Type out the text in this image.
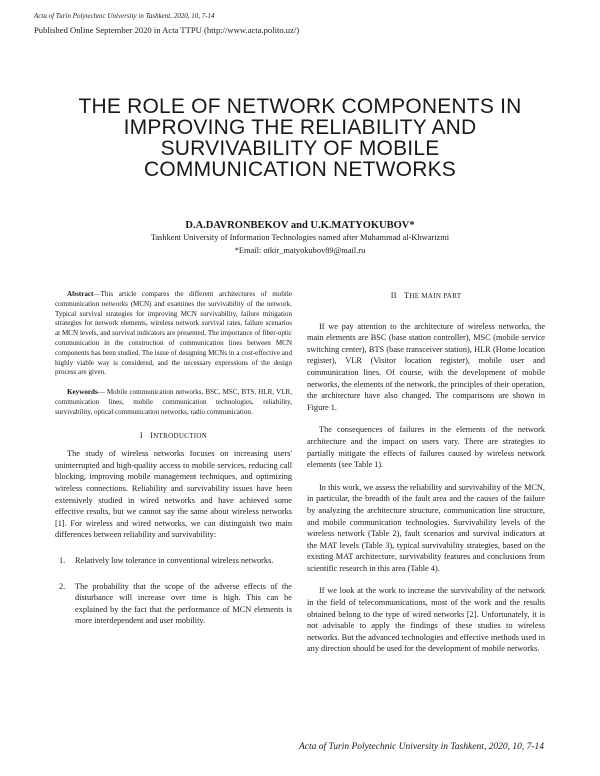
Acta of Turin Polytechnic University in Tashkent, 2020, 10, 7-14
Published Online September 2020 in Acta TTPU (http://www.acta.polito.uz/)
THE ROLE OF NETWORK COMPONENTS IN
IMPROVING THE RELIABILITY AND
SURVIVABILITY OF MOBILE
COMMUNICATION NETWORKS
D.A.DAVRONBEKOV and U.K.MATYOKUBOV*
Tashkent University of Information Technologies named after Muhammad al-Khwarizmi
*Email: otkir_matyokubov89@mail.ru

Abstract—This article compares the different architectures of mobile communication networks (MCN) and examines the survivability of the network. Typical survival strategies for improving MCN survivability, failure mitigation strategies for network elements, wireless network survival rates, failure scenarios at MCN levels, and survival indicators are presented. The importance of fiber-optic communication in the construction of communication lines between MCN components has been studied. The issue of designing MCNs in a cost-effective and highly viable way is considered, and the necessary expressions of the design process are given.

Keywords— Mobile communication networks, BSC, MSC, BTS, HLR, VLR, communication lines, mobile communication technologies, reliability, survivability, optical communication networks, radio communication.

I INTRODUCTION

The study of wireless networks focuses on increasing users' uninterrupted and high-quality access to mobile services, reducing call blocking, improving mobile management techniques, and optimizing wireless connections. Reliability and survivability issues have been extensively studied in wired networks and have achieved some effective results, but we cannot say the same about wireless networks [1]. For wireless and wired networks, we can distinguish two main differences between reliability and survivability:

1. Relatively low tolerance in conventional wireless networks.
2. The probability that the scope of the adverse effects of the disturbance will increase over time is high. This can be explained by the fact that the performance of MCN elements is more interdependent and user mobility.
II THE MAIN PART

If we pay attention to the architecture of wireless networks, the main elements are BSC (base station controller), MSC (mobile service switching center), BTS (base transceiver station), HLR (Home location register), VLR (Visitor location register), mobile user and communication lines. Of course, with the development of mobile networks, the elements of the network, the principles of their operation, the architecture have also changed. The comparisons are shown in Figure 1.

The consequences of failures in the elements of the network architecture and the impact on users vary. There are strategies to partially mitigate the effects of failures caused by wireless network elements (see Table 1).

In this work, we assess the reliability and survivability of the MCN, in particular, the breadth of the fault area and the causes of the failure by analyzing the architecture structure, communication line structure, and mobile communication technologies. Survivability levels of the wireless network (Table 2), fault scenarios and survival indicators at the MAT levels (Table 3), typical survivability strategies, based on the existing MAT architecture, survivability features and conclusions from scientific research in this area (Table 4).

If we look at the work to increase the survivability of the network in the field of telecommunications, most of the work and the results obtained belong to the type of wired networks [2]. Unfortunately, it is not advisable to apply the findings of these studies to wireless networks. But the advanced technologies and effective methods used in any direction should be used for the development of mobile networks.

Acta of Turin Polytechnic University in Tashkent, 2020, 10, 7-14
